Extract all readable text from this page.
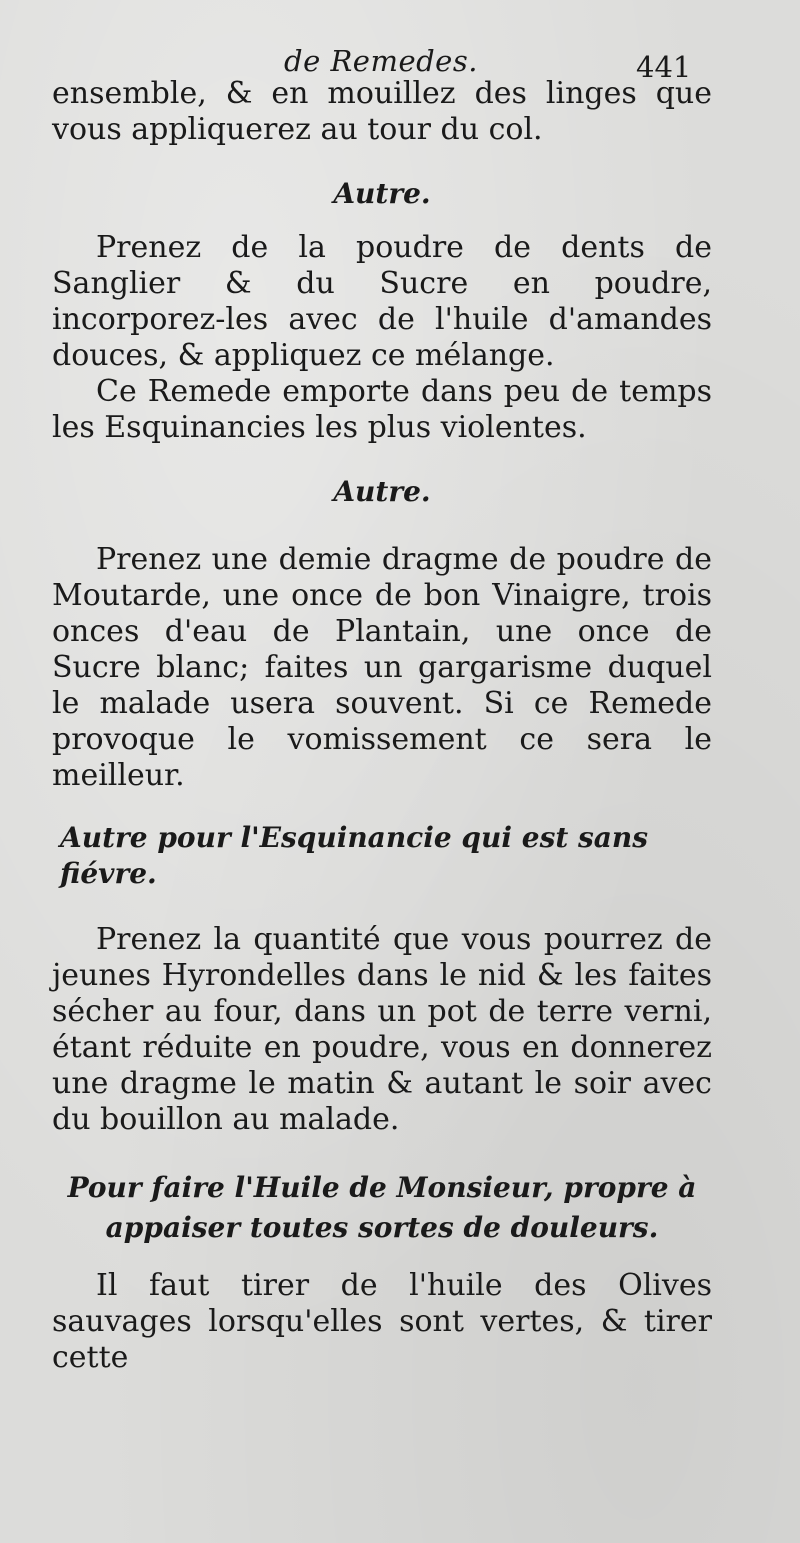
de Remedes.	441

ensemble, & en mouillez des linges que vous appliquerez au tour du col.

Autre.

Prenez de la poudre de dents de Sanglier & du Sucre en poudre, incorporez-les avec de l'huile d'amandes douces, & appliquez ce mélange.

Ce Remede emporte dans peu de temps les Esquinancies les plus violentes.

Autre.

Prenez une demie dragme de poudre de Moutarde, une once de bon Vinaigre, trois onces d'eau de Plantain, une once de Sucre blanc; faites un gargarisme duquel le malade usera souvent. Si ce Remede provoque le vomissement ce sera le meilleur.

Autre pour l'Esquinancie qui est sans fiévre.

Prenez la quantité que vous pourrez de jeunes Hyrondelles dans le nid & les faites sécher au four, dans un pot de terre verni, étant réduite en poudre, vous en donnerez une dragme le matin & autant le soir avec du bouillon au malade.

Pour faire l'Huile de Monsieur, propre à appaiser toutes sortes de douleurs.

Il faut tirer de l'huile des Olives sauvages lorsqu'elles sont vertes, & tirer cette
